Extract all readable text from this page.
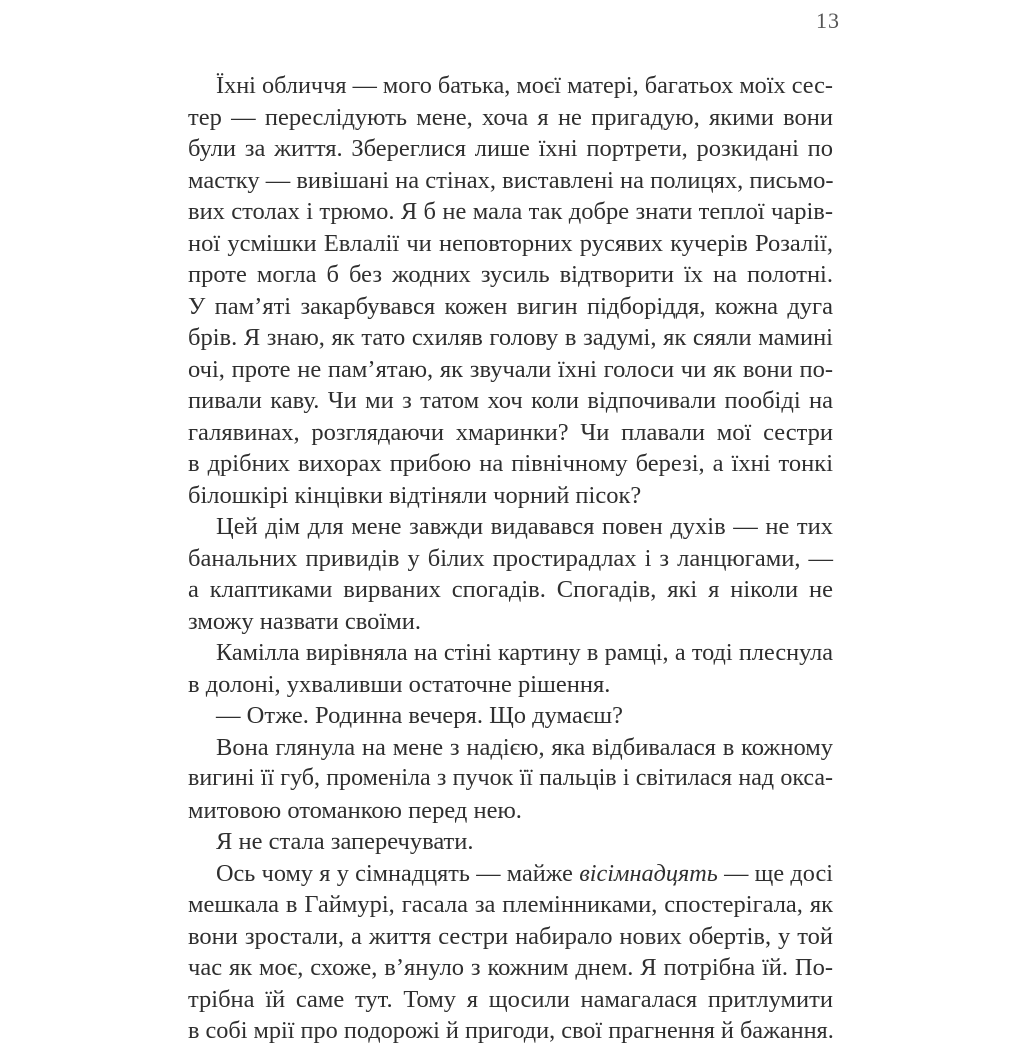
13
Їхні обличчя — мого батька, моєї матері, багатьох моїх сес-
тер — переслідують мене, хоча я не пригадую, якими вони
були за життя. Збереглися лише їхні портрети, розкидані по
мастку — вивішані на стінах, виставлені на полицях, письмо-
вих столах і трюмо. Я б не мала так добре знати теплої чарів-
ної усмішки Евлалії чи неповторних русявих кучерів Розалії,
проте могла б без жодних зусиль відтворити їх на полотні.
У пам’яті закарбувався кожен вигин підборіддя, кожна дуга
брів. Я знаю, як тато схиляв голову в задумі, як сяяли мамині
очі, проте не пам’ятаю, як звучали їхні голоси чи як вони по-
пивали каву. Чи ми з татом хоч коли відпочивали пообіді на
галявинах, розглядаючи хмаринки? Чи плавали мої сестри
в дрібних вихорах прибою на північному березі, а їхні тонкі
білошкірі кінцівки відтіняли чорний пісок?
Цей дім для мене завжди видавався повен духів — не тих
банальних привидів у білих простирадлах і з ланцюгами, —
а клаптиками вирваних спогадів. Спогадів, які я ніколи не
зможу назвати своїми.
Камілла вирівняла на стіні картину в рамці, а тоді плеснула
в долоні, ухваливши остаточне рішення.
— Отже. Родинна вечеря. Що думаєш?
Вона глянула на мене з надією, яка відбивалася в кожному
вигині її губ, променіла з пучок її пальців і світилася над окса-
митовою отоманкою перед нею.
Я не стала заперечувати.
Ось чому я у сімнадцять — майже вісімнадцять — ще досі
мешкала в Гаймурі, гасала за племінниками, спостерігала, як
вони зростали, а життя сестри набирало нових обертів, у той
час як моє, схоже, в’януло з кожним днем. Я потрібна їй. По-
трібна їй саме тут. Тому я щосили намагалася притлумити
в собі мрії про подорожі й пригоди, свої прагнення й бажання.
